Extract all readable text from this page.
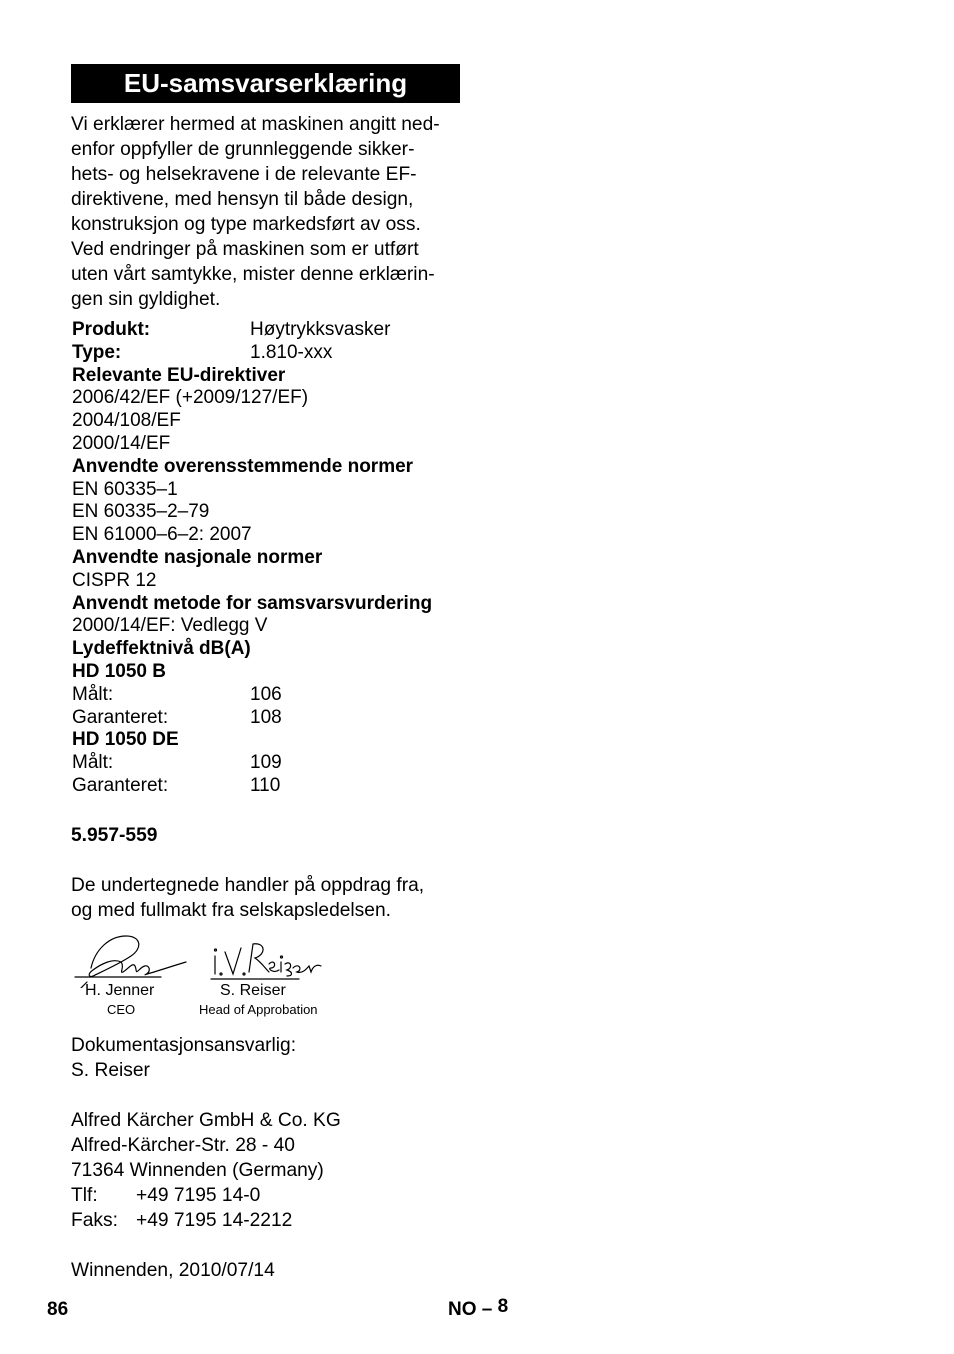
EU-samsvarserklæring
Vi erklærer hermed at maskinen angitt ned-
enfor oppfyller de grunnleggende sikker-
hets- og helsekravene i de relevante EF-
direktivene, med hensyn til både design,
konstruksjon og type markedsført av oss.
Ved endringer på maskinen som er utført
uten vårt samtykke, mister denne erklærin-
gen sin gyldighet.
Produkt:	Høytrykksvasker
Type:	1.810-xxx
Relevante EU-direktiver
2006/42/EF (+2009/127/EF)
2004/108/EF
2000/14/EF
Anvendte overensstemmende normer
EN 60335–1
EN 60335–2–79
EN 61000–6–2: 2007
Anvendte nasjonale normer
CISPR 12
Anvendt metode for samsvarsvurdering
2000/14/EF: Vedlegg V
Lydeffektnivå dB(A)
HD 1050 B
Målt:	106
Garanteret:	108
HD 1050 DE
Målt:	109
Garanteret:	110
5.957-559
De undertegnede handler på oppdrag fra,
og med fullmakt fra selskapsledelsen.
H. Jenner
CEO
S. Reiser
Head of Approbation
Dokumentasjonsansvarlig:
S. Reiser
Alfred Kärcher GmbH & Co. KG
Alfred-Kärcher-Str. 28 - 40
71364 Winnenden (Germany)
Tlf: +49 7195 14-0
Faks: +49 7195 14-2212
Winnenden, 2010/07/14
86	NO – 8
